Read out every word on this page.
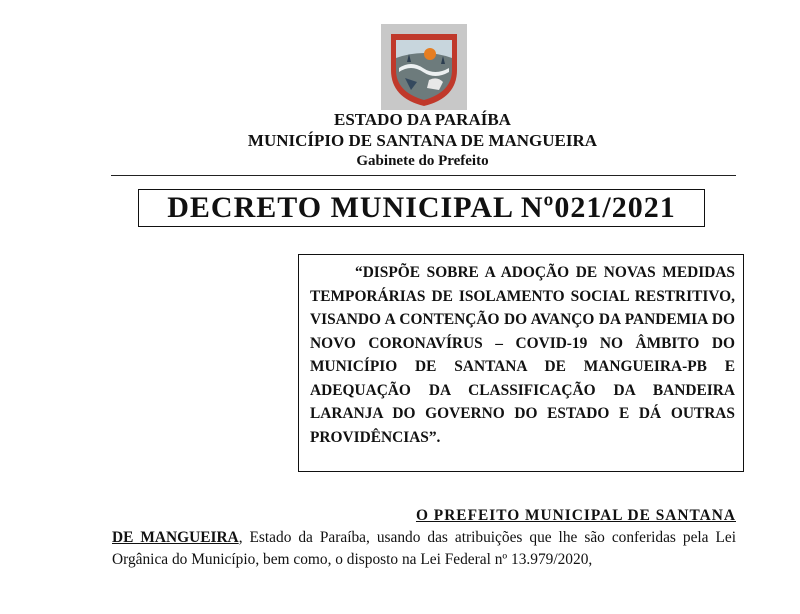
ESTADO DA PARAÍBA
MUNICÍPIO DE SANTANA DE MANGUEIRA
Gabinete do Prefeito
DECRETO MUNICIPAL Nº021/2021

“DISPÕE SOBRE A ADOÇÃO DE NOVAS MEDIDAS TEMPORÁRIAS DE ISOLAMENTO SOCIAL RESTRITIVO, VISANDO A CONTENÇÃO DO AVANÇO DA PANDEMIA DO NOVO CORONAVÍRUS – COVID-19 NO ÂMBITO DO MUNICÍPIO DE SANTANA DE MANGUEIRA-PB E ADEQUAÇÃO DA CLASSIFICAÇÃO DA BANDEIRA LARANJA DO GOVERNO DO ESTADO E DÁ OUTRAS PROVIDÊNCIAS”.

O PREFEITO MUNICIPAL DE SANTANA
DE MANGUEIRA, Estado da Paraíba, usando das atribuições que lhe são conferidas pela Lei Orgânica do Município, bem como, o disposto na Lei Federal nº 13.979/2020,
